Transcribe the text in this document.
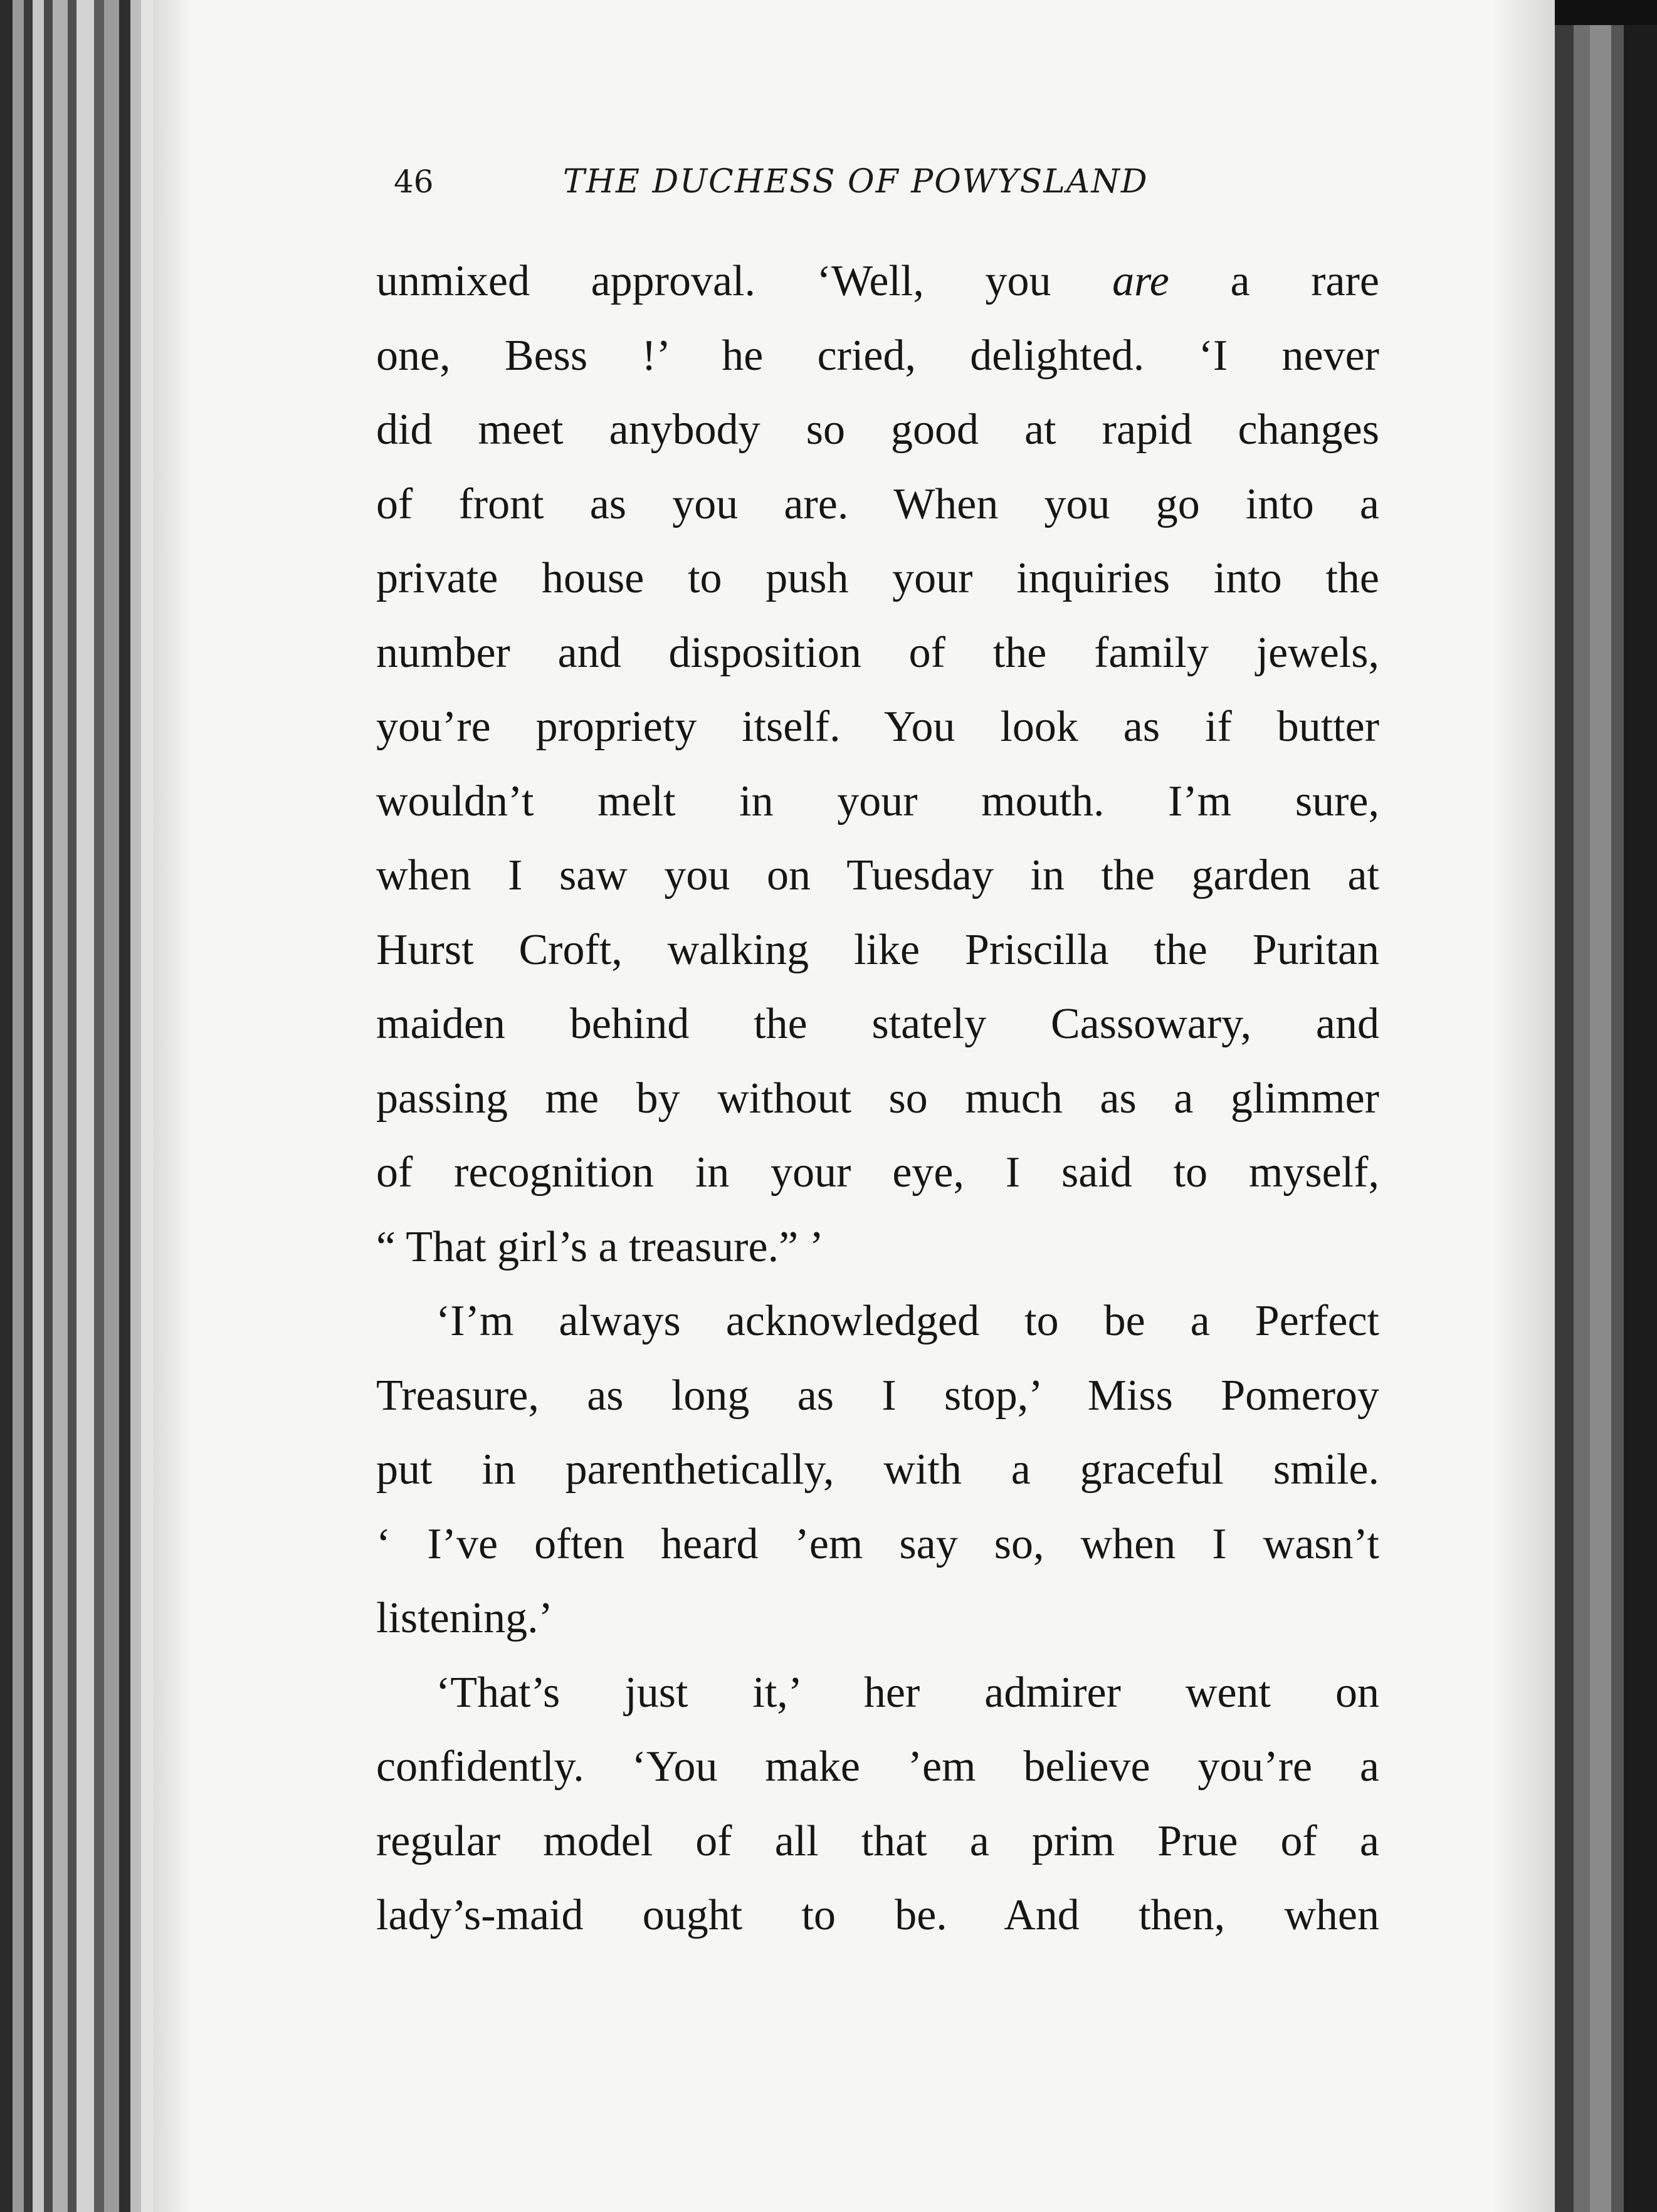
46	THE DUCHESS OF POWYSLAND
unmixed approval. ‘Well, you are a rare
one, Bess !’ he cried, delighted. ‘I never
did meet anybody so good at rapid changes
of front as you are. When you go into a
private house to push your inquiries into the
number and disposition of the family jewels,
you’re propriety itself. You look as if butter
wouldn’t melt in your mouth. I’m sure,
when I saw you on Tuesday in the garden at
Hurst Croft, walking like Priscilla the Puritan
maiden behind the stately Cassowary, and
passing me by without so much as a glimmer
of recognition in your eye, I said to myself,
“ That girl’s a treasure.” ’
‘I’m always acknowledged to be a Perfect
Treasure, as long as I stop,’ Miss Pomeroy
put in parenthetically, with a graceful smile.
‘ I’ve often heard ’em say so, when I wasn’t
listening.’
‘That’s just it,’ her admirer went on
confidently. ‘You make ’em believe you’re a
regular model of all that a prim Prue of a
lady’s-maid ought to be. And then, when
